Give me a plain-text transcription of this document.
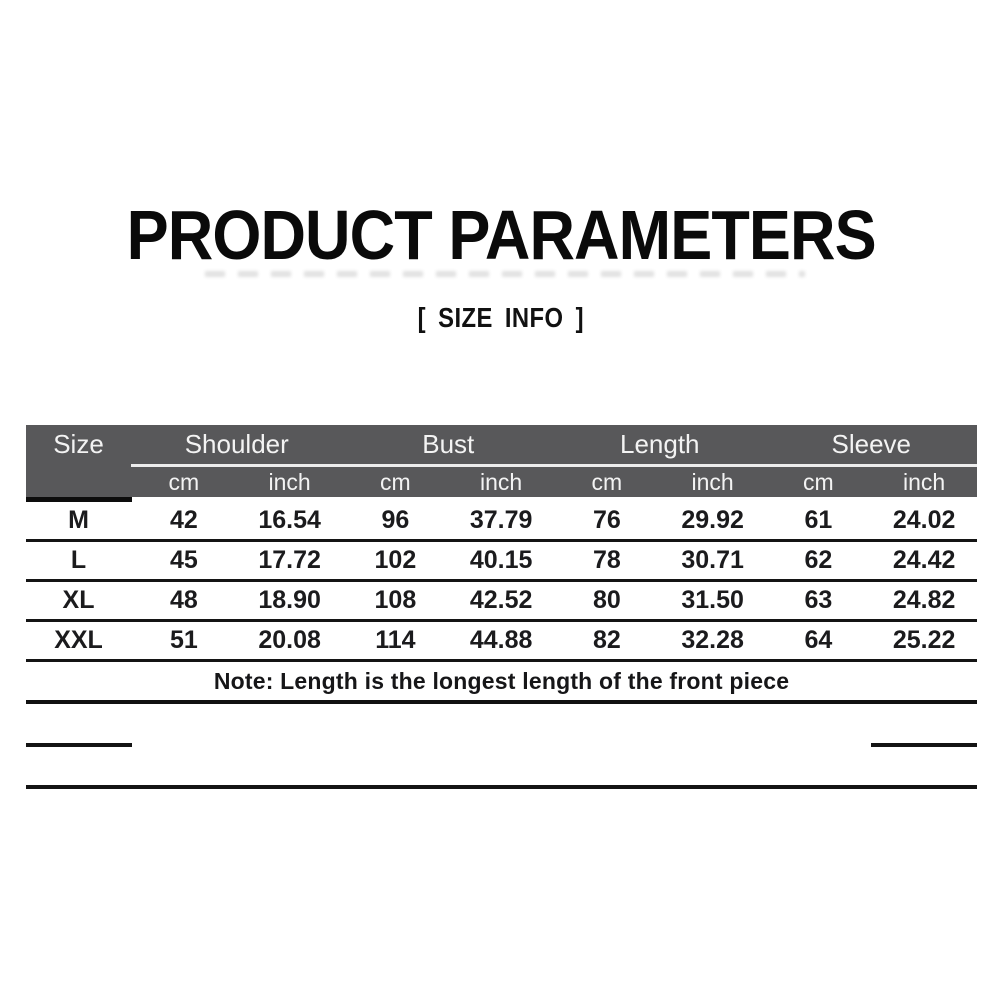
PRODUCT PARAMETERS
[ SIZE INFO ]
Size	Shoulder	Bust	Length	Sleeve
cm	inch	cm	inch	cm	inch	cm	inch
M	42	16.54	96	37.79	76	29.92	61	24.02
L	45	17.72	102	40.15	78	30.71	62	24.42
XL	48	18.90	108	42.52	80	31.50	63	24.82
XXL	51	20.08	114	44.88	82	32.28	64	25.22
Note: Length is the longest length of the front piece
